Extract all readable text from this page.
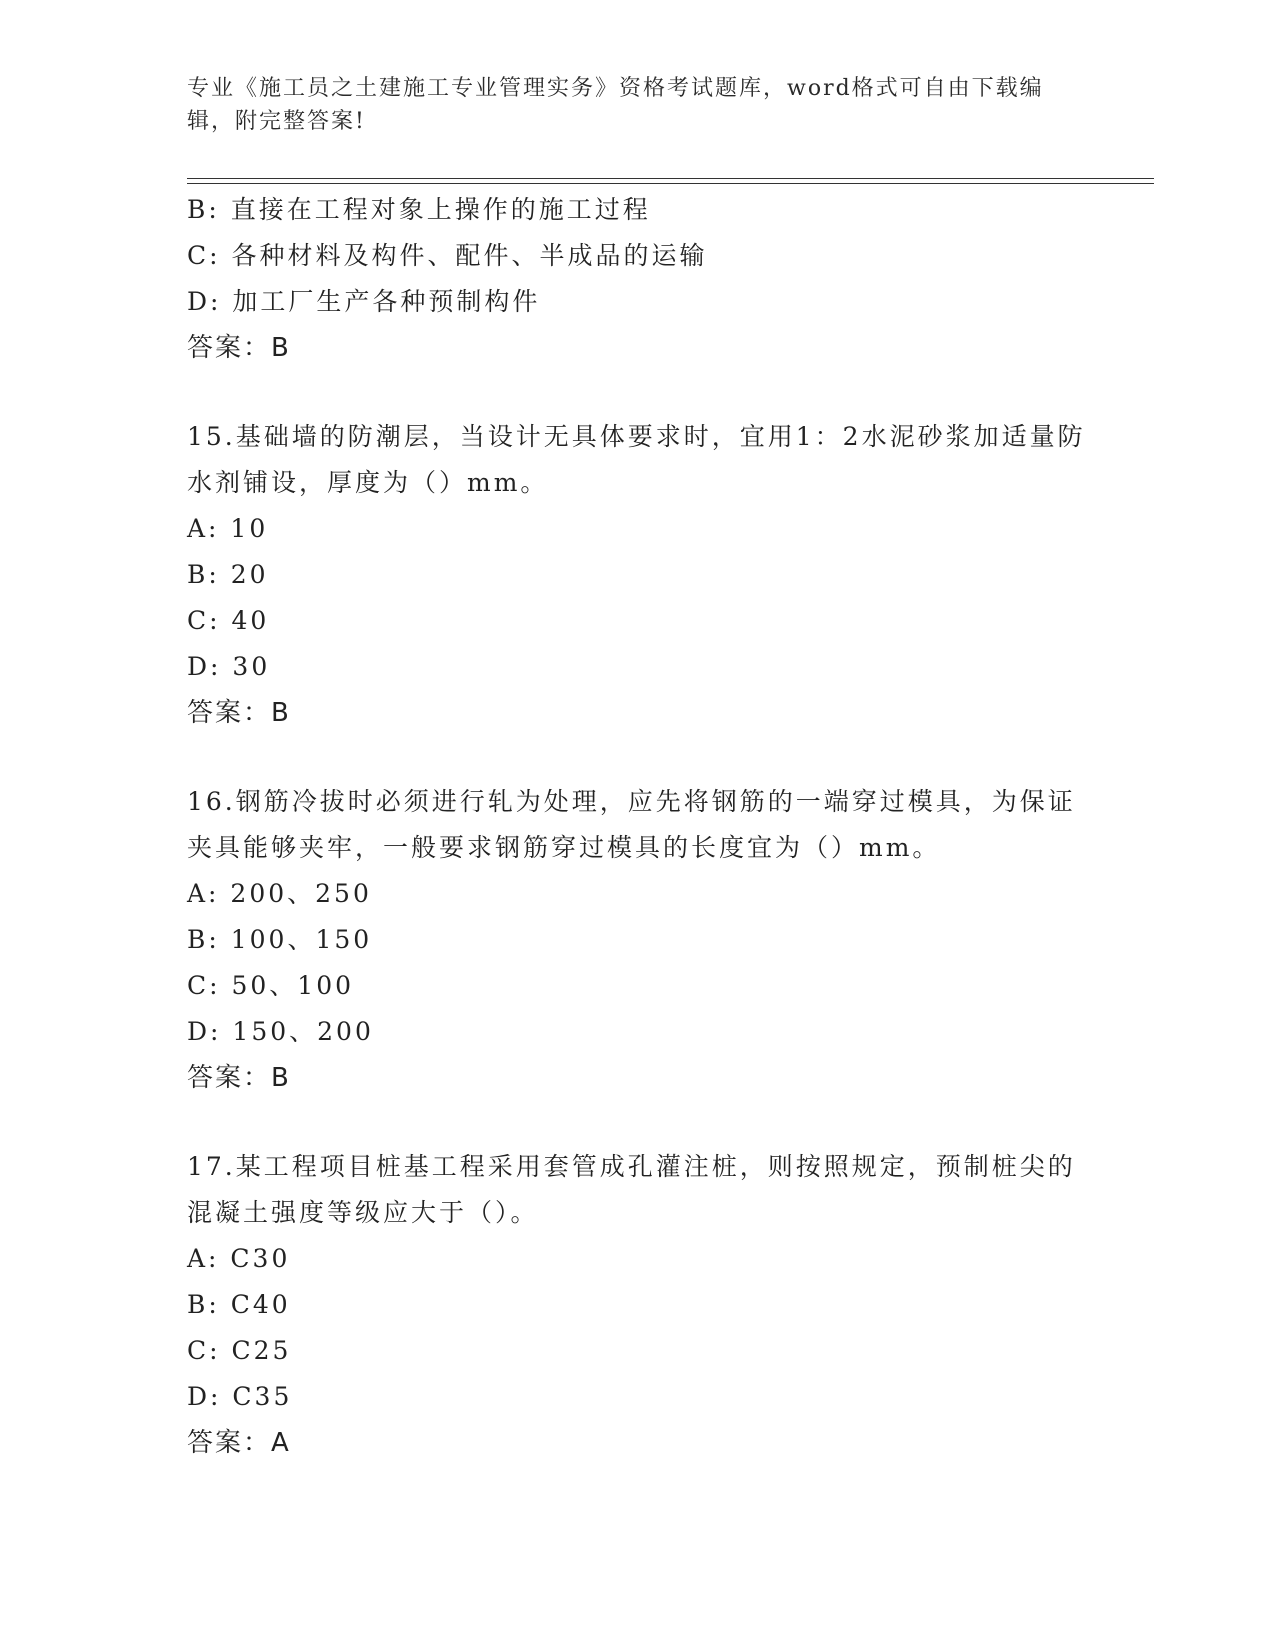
专业《施工员之土建施工专业管理实务》资格考试题库，word格式可自由下载编辑，附完整答案!
B: 直接在工程对象上操作的施工过程
C: 各种材料及构件、配件、半成品的运输
D: 加工厂生产各种预制构件
答案：B
15.基础墙的防潮层，当设计无具体要求时，宜用1：2水泥砂浆加适量防水剂铺设，厚度为（）mm。
A: 10
B: 20
C: 40
D: 30
答案：B
16.钢筋冷拔时必须进行轧为处理，应先将钢筋的一端穿过模具，为保证夹具能够夹牢，一般要求钢筋穿过模具的长度宜为（）mm。
A: 200、250
B: 100、150
C: 50、100
D: 150、200
答案：B
17.某工程项目桩基工程采用套管成孔灌注桩，则按照规定，预制桩尖的混凝土强度等级应大于（）。
A: C30
B: C40
C: C25
D: C35
答案：A
